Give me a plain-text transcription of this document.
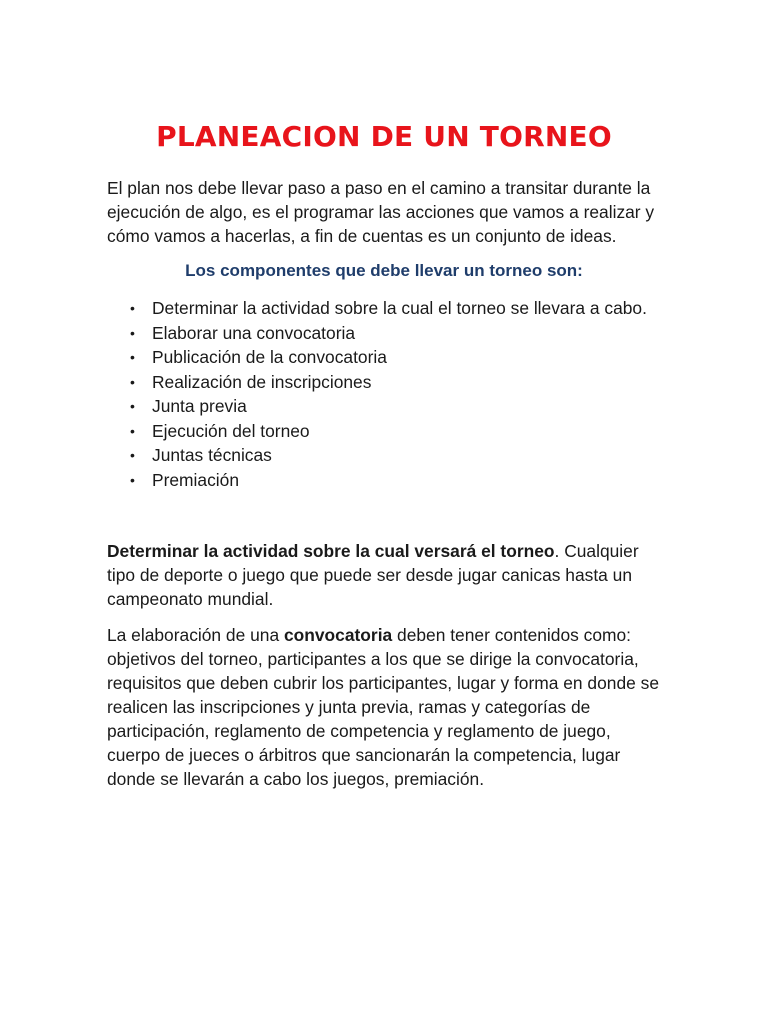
PLANEACION DE UN TORNEO

El plan nos debe llevar paso a paso en el camino a transitar durante la ejecución de algo, es el programar las acciones que vamos a realizar y cómo vamos a hacerlas, a fin de cuentas es un conjunto de ideas.

Los componentes que debe llevar un torneo son:
• Determinar la actividad sobre la cual el torneo se llevara a cabo.
• Elaborar una convocatoria
• Publicación de la convocatoria
• Realización de inscripciones
• Junta previa
• Ejecución del torneo
• Juntas técnicas
• Premiación

Determinar la actividad sobre la cual versará el torneo. Cualquier tipo de deporte o juego que puede ser desde jugar canicas hasta un campeonato mundial.

La elaboración de una convocatoria deben tener contenidos como: objetivos del torneo, participantes a los que se dirige la convocatoria, requisitos que deben cubrir los participantes, lugar y forma en donde se realicen las inscripciones y junta previa, ramas y categorías de participación, reglamento de competencia y reglamento de juego, cuerpo de jueces o árbitros que sancionarán la competencia, lugar donde se llevarán a cabo los juegos, premiación.
